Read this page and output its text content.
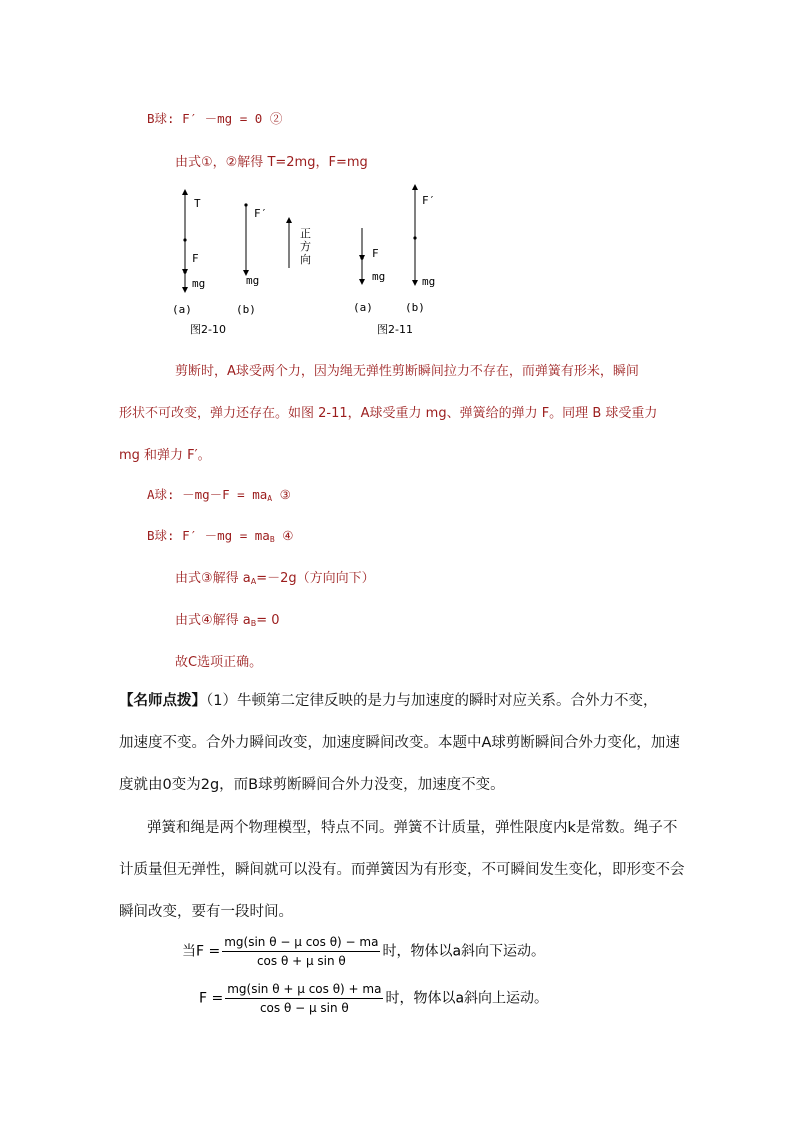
B球: F′ －mg = 0 ②
由式①，②解得 T=2mg，F=mg
T
F
mg
F′
mg
正
方
向	F
mg
F′
mg
(a)	(b)	(a)	(b)
图2-10	图2-11
剪断时，A球受两个力，因为绳无弹性剪断瞬间拉力不存在，而弹簧有形米，瞬间
形状不可改变，弹力还存在。如图 2-11，A球受重力 mg、弹簧给的弹力 F。同理 B 球受重力
mg 和弹力 F′。
A球: $-mg-F = ma_A$ ③
B球: $F' -mg = ma_B$ ④
由式③解得 $a_A=-2g$（方向向下）
由式④解得 $a_B= 0$
故C选项正确。
【名师点拨】（1）牛顿第二定律反映的是力与加速度的瞬时对应关系。合外力不变，
加速度不变。合外力瞬间改变，加速度瞬间改变。本题中A球剪断瞬间合外力变化，加速
度就由0变为2g，而B球剪断瞬间合外力没变，加速度不变。
弹簧和绳是两个物理模型，特点不同。弹簧不计质量，弹性限度内k是常数。绳子不
计质量但无弹性，瞬间就可以没有。而弹簧因为有形变，不可瞬间发生变化，即形变不会
瞬间改变，要有一段时间。
当$F = \frac{\text{mg(sin θ − μ cos θ) − ma}}{\text{cos θ + μ sin θ}}$ 时，物体以a斜向下运动。
$F = \frac{\text{mg(sin θ + μ cos θ) + ma}}{\text{cos θ − μ sin θ}}$ 时，物体以a斜向上运动。
